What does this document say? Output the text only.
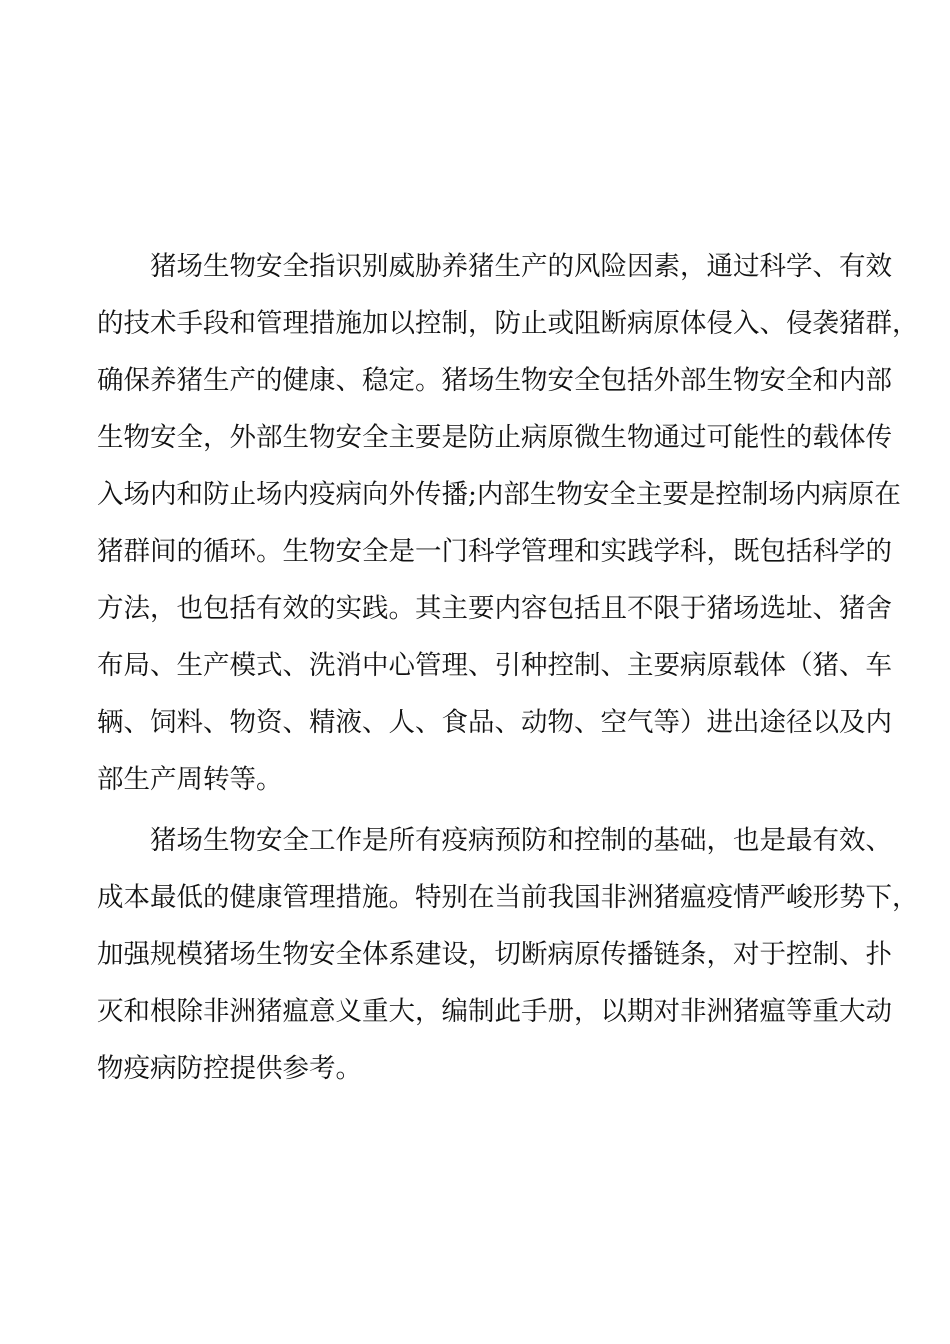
猪场生物安全指识别威胁养猪生产的风险因素，通过科学、有效
的技术手段和管理措施加以控制，防止或阻断病原体侵入、侵袭猪群，
确保养猪生产的健康、稳定。猪场生物安全包括外部生物安全和内部
生物安全，外部生物安全主要是防止病原微生物通过可能性的载体传
入场内和防止场内疫病向外传播;内部生物安全主要是控制场内病原在
猪群间的循环。生物安全是一门科学管理和实践学科，既包括科学的
方法，也包括有效的实践。其主要内容包括且不限于猪场选址、猪舍
布局、生产模式、洗消中心管理、引种控制、主要病原载体（猪、车
辆、饲料、物资、精液、人、食品、动物、空气等）进出途径以及内
部生产周转等。

猪场生物安全工作是所有疫病预防和控制的基础，也是最有效、
成本最低的健康管理措施。特别在当前我国非洲猪瘟疫情严峻形势下，
加强规模猪场生物安全体系建设，切断病原传播链条，对于控制、扑
灭和根除非洲猪瘟意义重大，编制此手册，以期对非洲猪瘟等重大动
物疫病防控提供参考。
